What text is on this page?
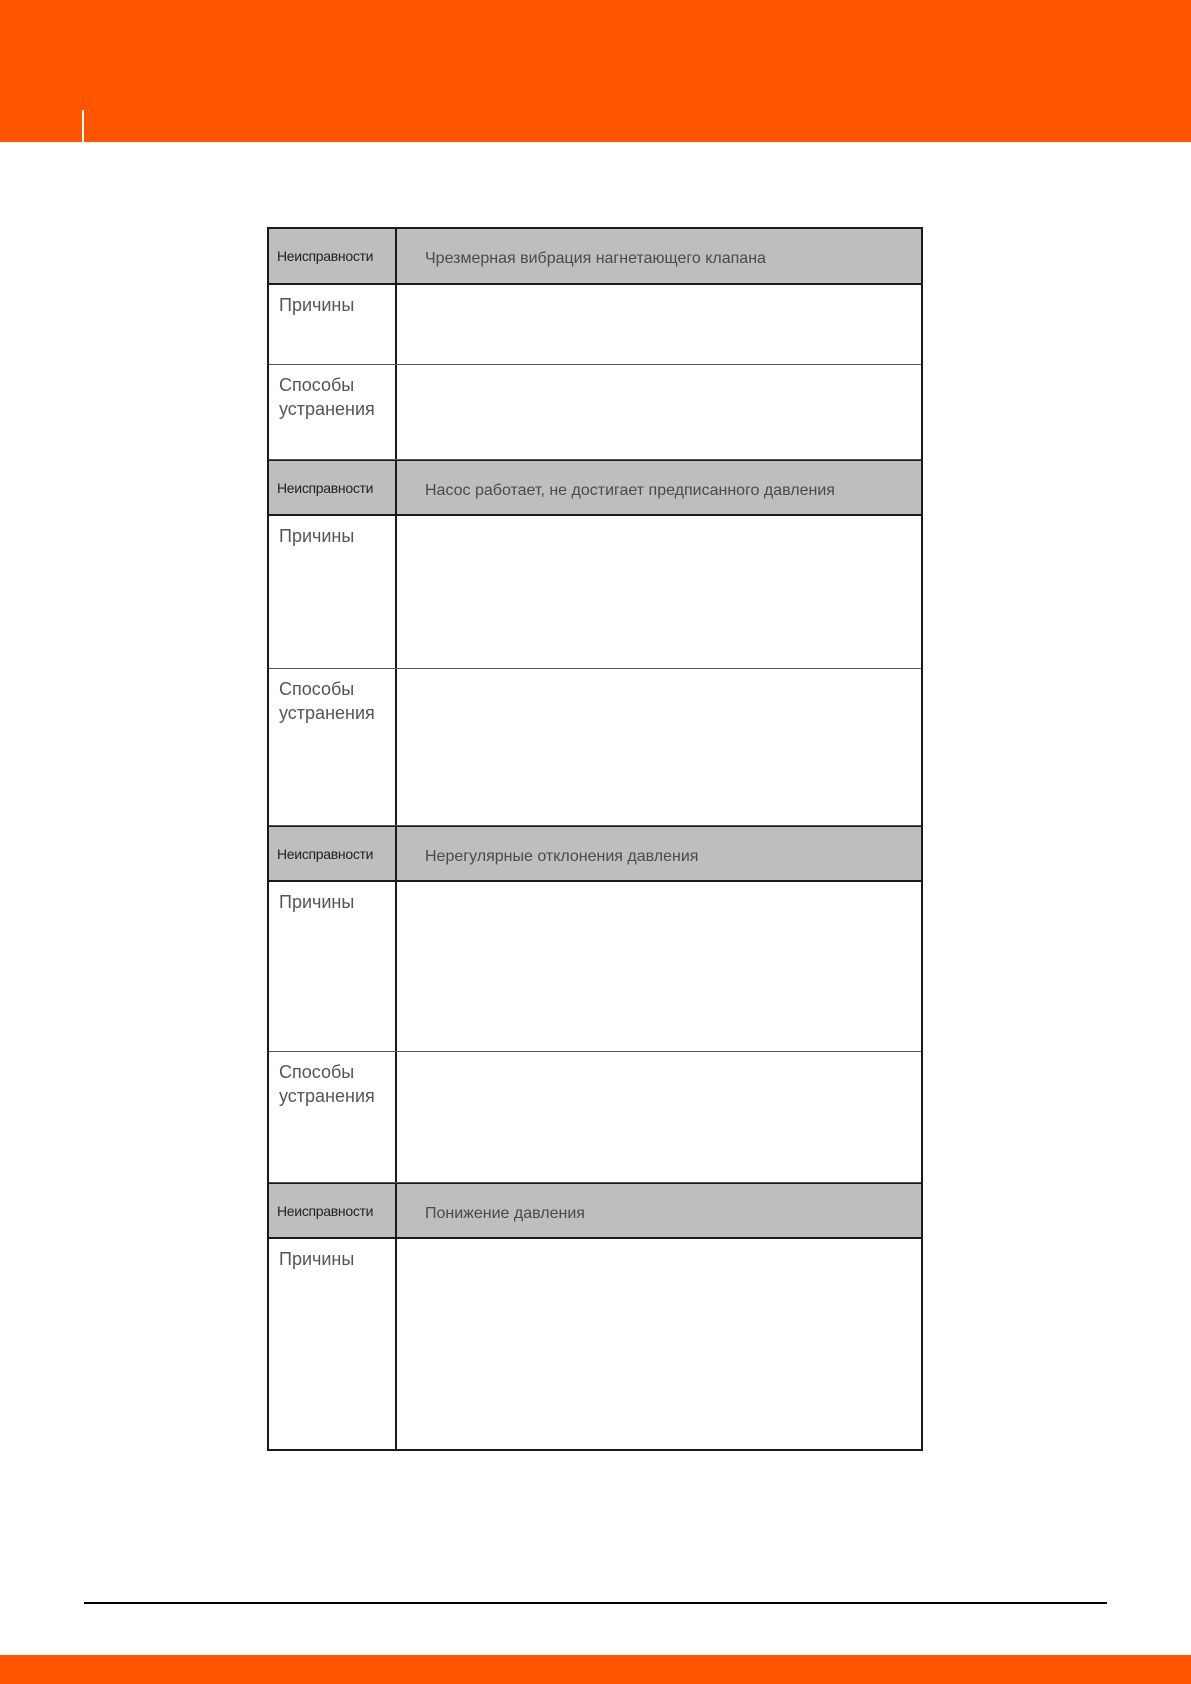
Неисправности	Чрезмерная вибрация нагнетающего клапана
Причины
Способы
устранения
Неисправности	Насос работает, не достигает предписанного давления
Причины
Способы
устранения
Неисправности	Нерегулярные отклонения давления
Причины
Способы
устранения
Неисправности	Понижение давления
Причины
